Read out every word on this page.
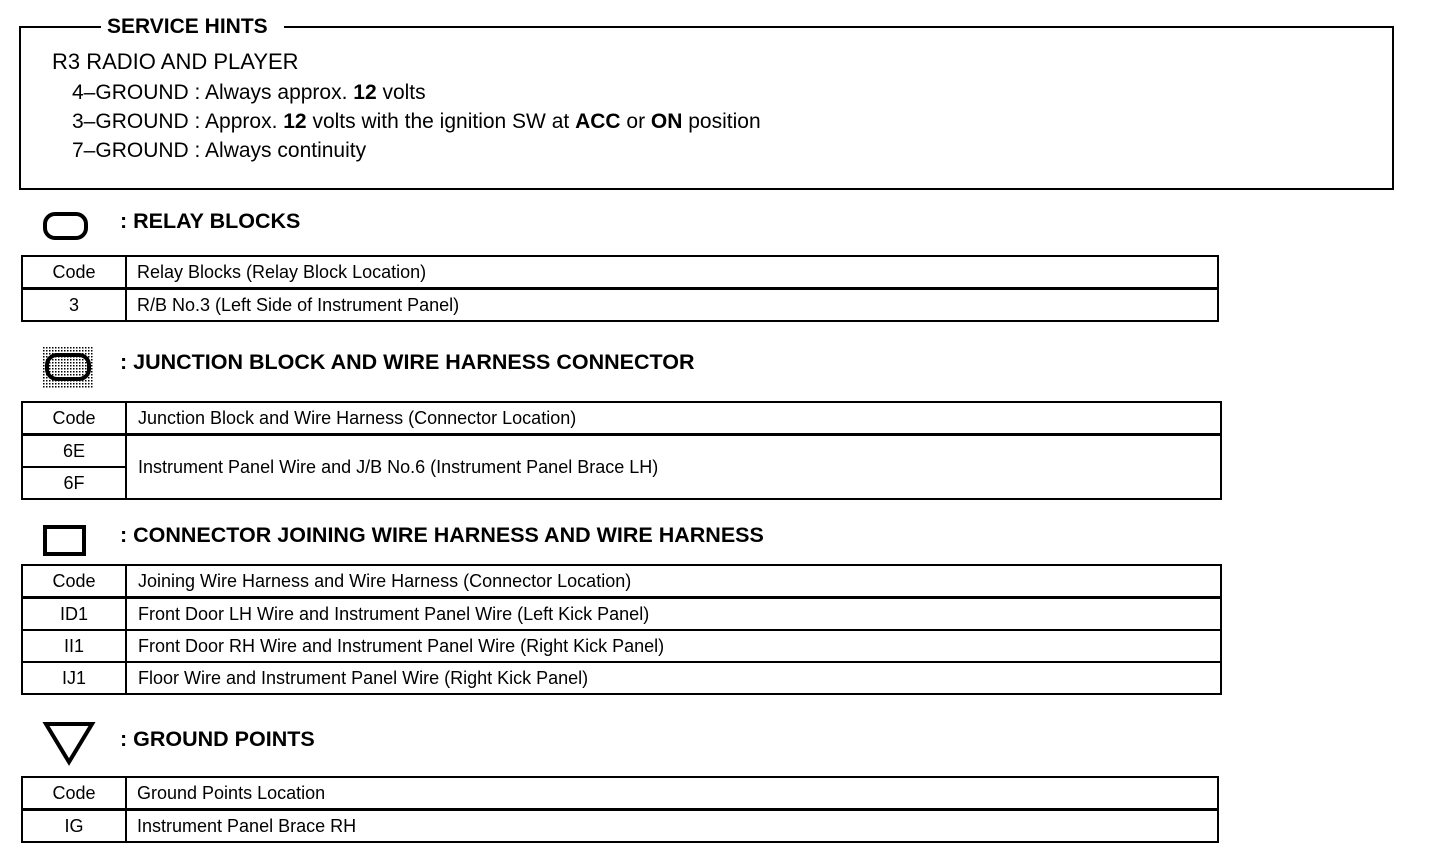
SERVICE HINTS
R3 RADIO AND PLAYER
4–GROUND : Always approx. 12 volts
3–GROUND : Approx. 12 volts with the ignition SW at ACC or ON position
7–GROUND : Always continuity
: RELAY BLOCKS
Code	Relay Blocks (Relay Block Location)
3	R/B No.3 (Left Side of Instrument Panel)
: JUNCTION BLOCK AND WIRE HARNESS CONNECTOR
Code	Junction Block and Wire Harness (Connector Location)
6E	Instrument Panel Wire and J/B No.6 (Instrument Panel Brace LH)
6F	
: CONNECTOR JOINING WIRE HARNESS AND WIRE HARNESS
Code	Joining Wire Harness and Wire Harness (Connector Location)
ID1	Front Door LH Wire and Instrument Panel Wire (Left Kick Panel)
II1	Front Door RH Wire and Instrument Panel Wire (Right Kick Panel)
IJ1	Floor Wire and Instrument Panel Wire (Right Kick Panel)
: GROUND POINTS
Code	Ground Points Location
IG	Instrument Panel Brace RH
